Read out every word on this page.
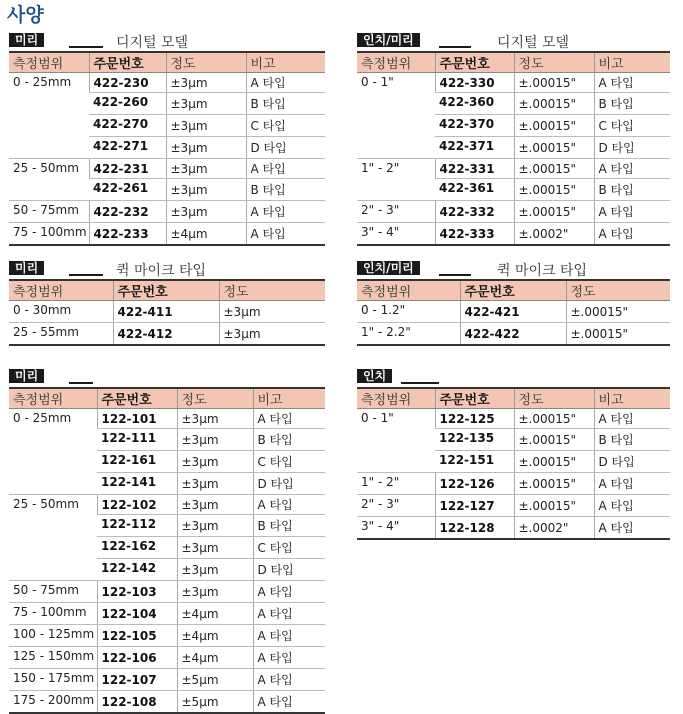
사양
미리	디지털 모델
측정범위	주문번호	정도	비고
0 - 25mm	422-230	±3μm	A 타입
	422-260	±3μm	B 타입
	422-270	±3μm	C 타입
	422-271	±3μm	D 타입
25 - 50mm	422-231	±3μm	A 타입
	422-261	±3μm	B 타입
50 - 75mm	422-232	±3μm	A 타입
75 - 100mm	422-233	±4μm	A 타입
인치/미리	디지털 모델
측정범위	주문번호	정도	비고
0 - 1"	422-330	±.00015"	A 타입
	422-360	±.00015"	B 타입
	422-370	±.00015"	C 타입
	422-371	±.00015"	D 타입
1" - 2"	422-331	±.00015"	A 타입
	422-361	±.00015"	B 타입
2" - 3"	422-332	±.00015"	A 타입
3" - 4"	422-333	±.0002"	A 타입
미리	퀵 마이크 타입
측정범위	주문번호	정도
0 - 30mm	422-411	±3μm
25 - 55mm	422-412	±3μm
인치/미리	퀵 마이크 타입
측정범위	주문번호	정도
0 - 1.2"	422-421	±.00015"
1" - 2.2"	422-422	±.00015"
미리
측정범위	주문번호	정도	비고
0 - 25mm	122-101	±3μm	A 타입
	122-111	±3μm	B 타입
	122-161	±3μm	C 타입
	122-141	±3μm	D 타입
25 - 50mm	122-102	±3μm	A 타입
	122-112	±3μm	B 타입
	122-162	±3μm	C 타입
	122-142	±3μm	D 타입
50 - 75mm	122-103	±3μm	A 타입
75 - 100mm	122-104	±4μm	A 타입
100 - 125mm	122-105	±4μm	A 타입
125 - 150mm	122-106	±4μm	A 타입
150 - 175mm	122-107	±5μm	A 타입
175 - 200mm	122-108	±5μm	A 타입
인치
측정범위	주문번호	정도	비고
0 - 1"	122-125	±.00015"	A 타입
	122-135	±.00015"	B 타입
	122-151	±.00015"	D 타입
1" - 2"	122-126	±.00015"	A 타입
2" - 3"	122-127	±.00015"	A 타입
3" - 4"	122-128	±.0002"	A 타입
